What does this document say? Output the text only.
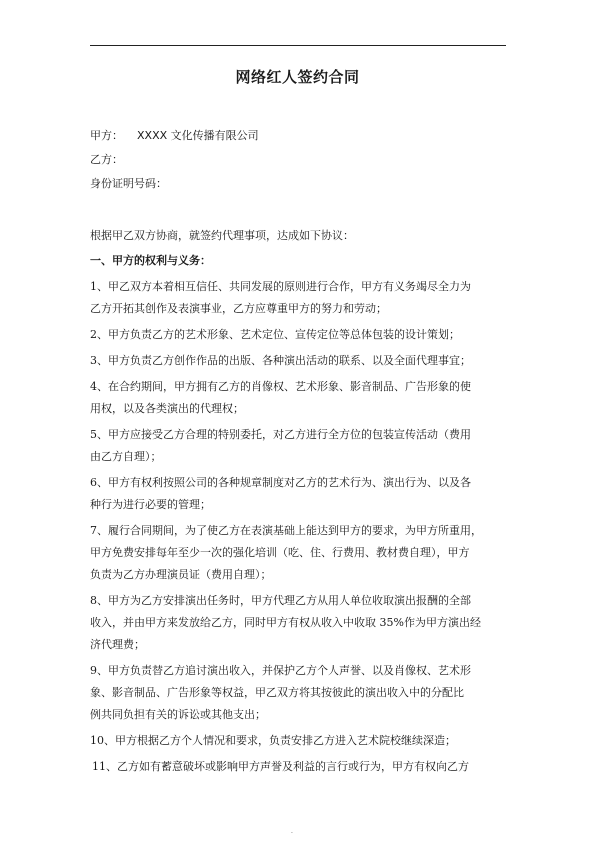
网络红人签约合同
甲方： XXXX 文化传播有限公司
乙方：
身份证明号码：
根据甲乙双方协商，就签约代理事项，达成如下协议：
一、甲方的权利与义务：
1、甲乙双方本着相互信任、共同发展的原则进行合作，甲方有义务竭尽全力为
乙方开拓其创作及表演事业，乙方应尊重甲方的努力和劳动；
2、甲方负责乙方的艺术形象、艺术定位、宣传定位等总体包装的设计策划；
3、甲方负责乙方创作作品的出版、各种演出活动的联系、以及全面代理事宜；
4、在合约期间，甲方拥有乙方的肖像权、艺术形象、影音制品、广告形象的使
用权，以及各类演出的代理权；
5、甲方应接受乙方合理的特别委托，对乙方进行全方位的包装宣传活动（费用
由乙方自理）；
6、甲方有权利按照公司的各种规章制度对乙方的艺术行为、演出行为、以及各
种行为进行必要的管理；
7、履行合同期间，为了使乙方在表演基础上能达到甲方的要求，为甲方所重用，
甲方免费安排每年至少一次的强化培训（吃、住、行费用、教材费自理），甲方
负责为乙方办理演员证（费用自理）；
8、甲方为乙方安排演出任务时，甲方代理乙方从用人单位收取演出报酬的全部
收入，并由甲方来发放给乙方，同时甲方有权从收入中收取 35%作为甲方演出经
济代理费；
9、甲方负责替乙方追讨演出收入，并保护乙方个人声誉、以及肖像权、艺术形
象、影音制品、广告形象等权益，甲乙双方将其按彼此的演出收入中的分配比
例共同负担有关的诉讼或其他支出；
10、甲方根据乙方个人情况和要求，负责安排乙方进入艺术院校继续深造；
11、乙方如有蓄意破坏或影响甲方声誉及利益的言行或行为，甲方有权向乙方
·
